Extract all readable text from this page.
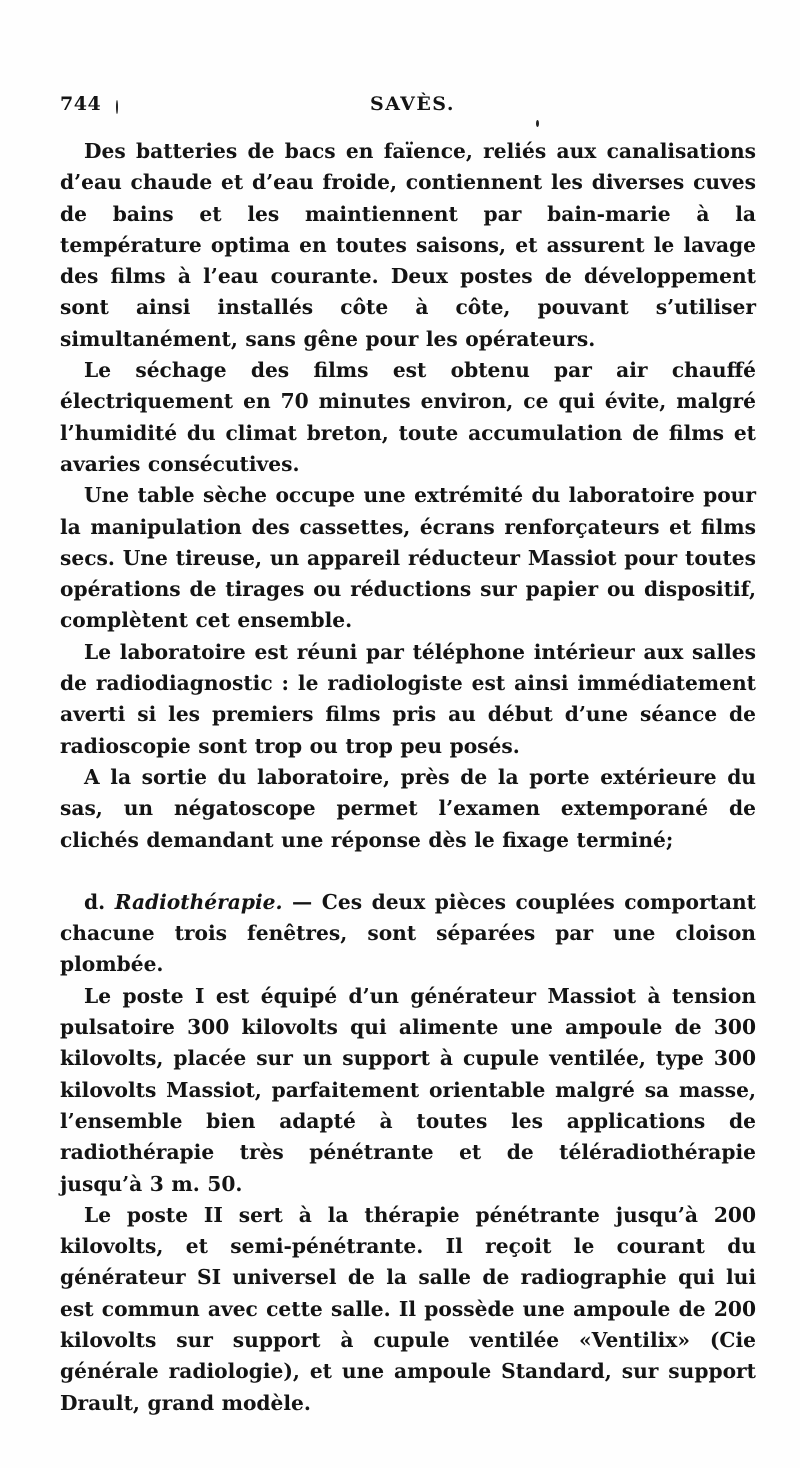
744	SAVÈS.

Des batteries de bacs en faïence, reliés aux canalisations d’eau chaude et d’eau froide, contiennent les diverses cuves de bains et les maintiennent par bain-marie à la température optima en toutes saisons, et assurent le lavage des films à l’eau courante. Deux postes de développement sont ainsi installés côte à côte, pouvant s’utiliser simultanément, sans gêne pour les opérateurs.

Le séchage des films est obtenu par air chauffé électriquement en 70 minutes environ, ce qui évite, malgré l’humidité du climat breton, toute accumulation de films et avaries consécutives.

Une table sèche occupe une extrémité du laboratoire pour la manipulation des cassettes, écrans renforçateurs et films secs. Une tireuse, un appareil réducteur Massiot pour toutes opérations de tirages ou réductions sur papier ou dispositif, complètent cet ensemble.

Le laboratoire est réuni par téléphone intérieur aux salles de radiodiagnostic : le radiologiste est ainsi immédiatement averti si les premiers films pris au début d’une séance de radioscopie sont trop ou trop peu posés.

A la sortie du laboratoire, près de la porte extérieure du sas, un négatoscope permet l’examen extemporané de clichés demandant une réponse dès le fixage terminé;

d. Radiothérapie. — Ces deux pièces couplées comportant chacune trois fenêtres, sont séparées par une cloison plombée.

Le poste I est équipé d’un générateur Massiot à tension pulsatoire 300 kilovolts qui alimente une ampoule de 300 kilovolts, placée sur un support à cupule ventilée, type 300 kilovolts Massiot, parfaitement orientable malgré sa masse, l’ensemble bien adapté à toutes les applications de radiothérapie très pénétrante et de téléradiothérapie jusqu’à 3 m. 50.

Le poste II sert à la thérapie pénétrante jusqu’à 200 kilovolts, et semi-pénétrante. Il reçoit le courant du générateur SI universel de la salle de radiographie qui lui est commun avec cette salle. Il possède une ampoule de 200 kilovolts sur support à cupule ventilée «Ventilix» (Cie générale radiologie), et une ampoule Standard, sur support Drault, grand modèle.
